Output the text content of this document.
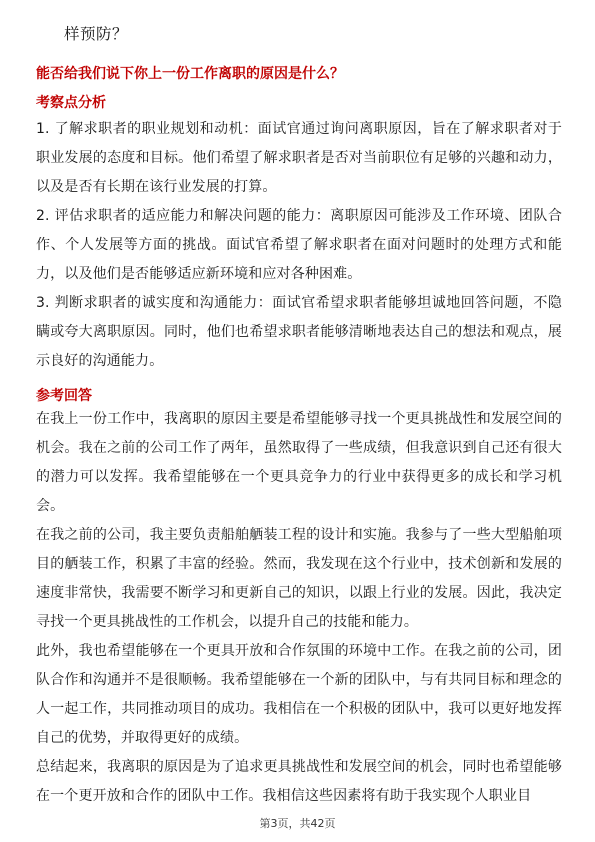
样预防？
能否给我们说下你上一份工作离职的原因是什么？
考察点分析

1. 了解求职者的职业规划和动机：面试官通过询问离职原因，旨在了解求职者对于职业发展的态度和目标。他们希望了解求职者是否对当前职位有足够的兴趣和动力，以及是否有长期在该行业发展的打算。

2. 评估求职者的适应能力和解决问题的能力：离职原因可能涉及工作环境、团队合作、个人发展等方面的挑战。面试官希望了解求职者在面对问题时的处理方式和能力，以及他们是否能够适应新环境和应对各种困难。

3. 判断求职者的诚实度和沟通能力：面试官希望求职者能够坦诚地回答问题，不隐瞒或夸大离职原因。同时，他们也希望求职者能够清晰地表达自己的想法和观点，展示良好的沟通能力。

参考回答

在我上一份工作中，我离职的原因主要是希望能够寻找一个更具挑战性和发展空间的机会。我在之前的公司工作了两年，虽然取得了一些成绩，但我意识到自己还有很大的潜力可以发挥。我希望能够在一个更具竞争力的行业中获得更多的成长和学习机会。

在我之前的公司，我主要负责船舶舾装工程的设计和实施。我参与了一些大型船舶项目的舾装工作，积累了丰富的经验。然而，我发现在这个行业中，技术创新和发展的速度非常快，我需要不断学习和更新自己的知识，以跟上行业的发展。因此，我决定寻找一个更具挑战性的工作机会，以提升自己的技能和能力。

此外，我也希望能够在一个更具开放和合作氛围的环境中工作。在我之前的公司，团队合作和沟通并不是很顺畅。我希望能够在一个新的团队中，与有共同目标和理念的人一起工作，共同推动项目的成功。我相信在一个积极的团队中，我可以更好地发挥自己的优势，并取得更好的成绩。

总结起来，我离职的原因是为了追求更具挑战性和发展空间的机会，同时也希望能够在一个更开放和合作的团队中工作。我相信这些因素将有助于我实现个人职业目

第3页，共42页
